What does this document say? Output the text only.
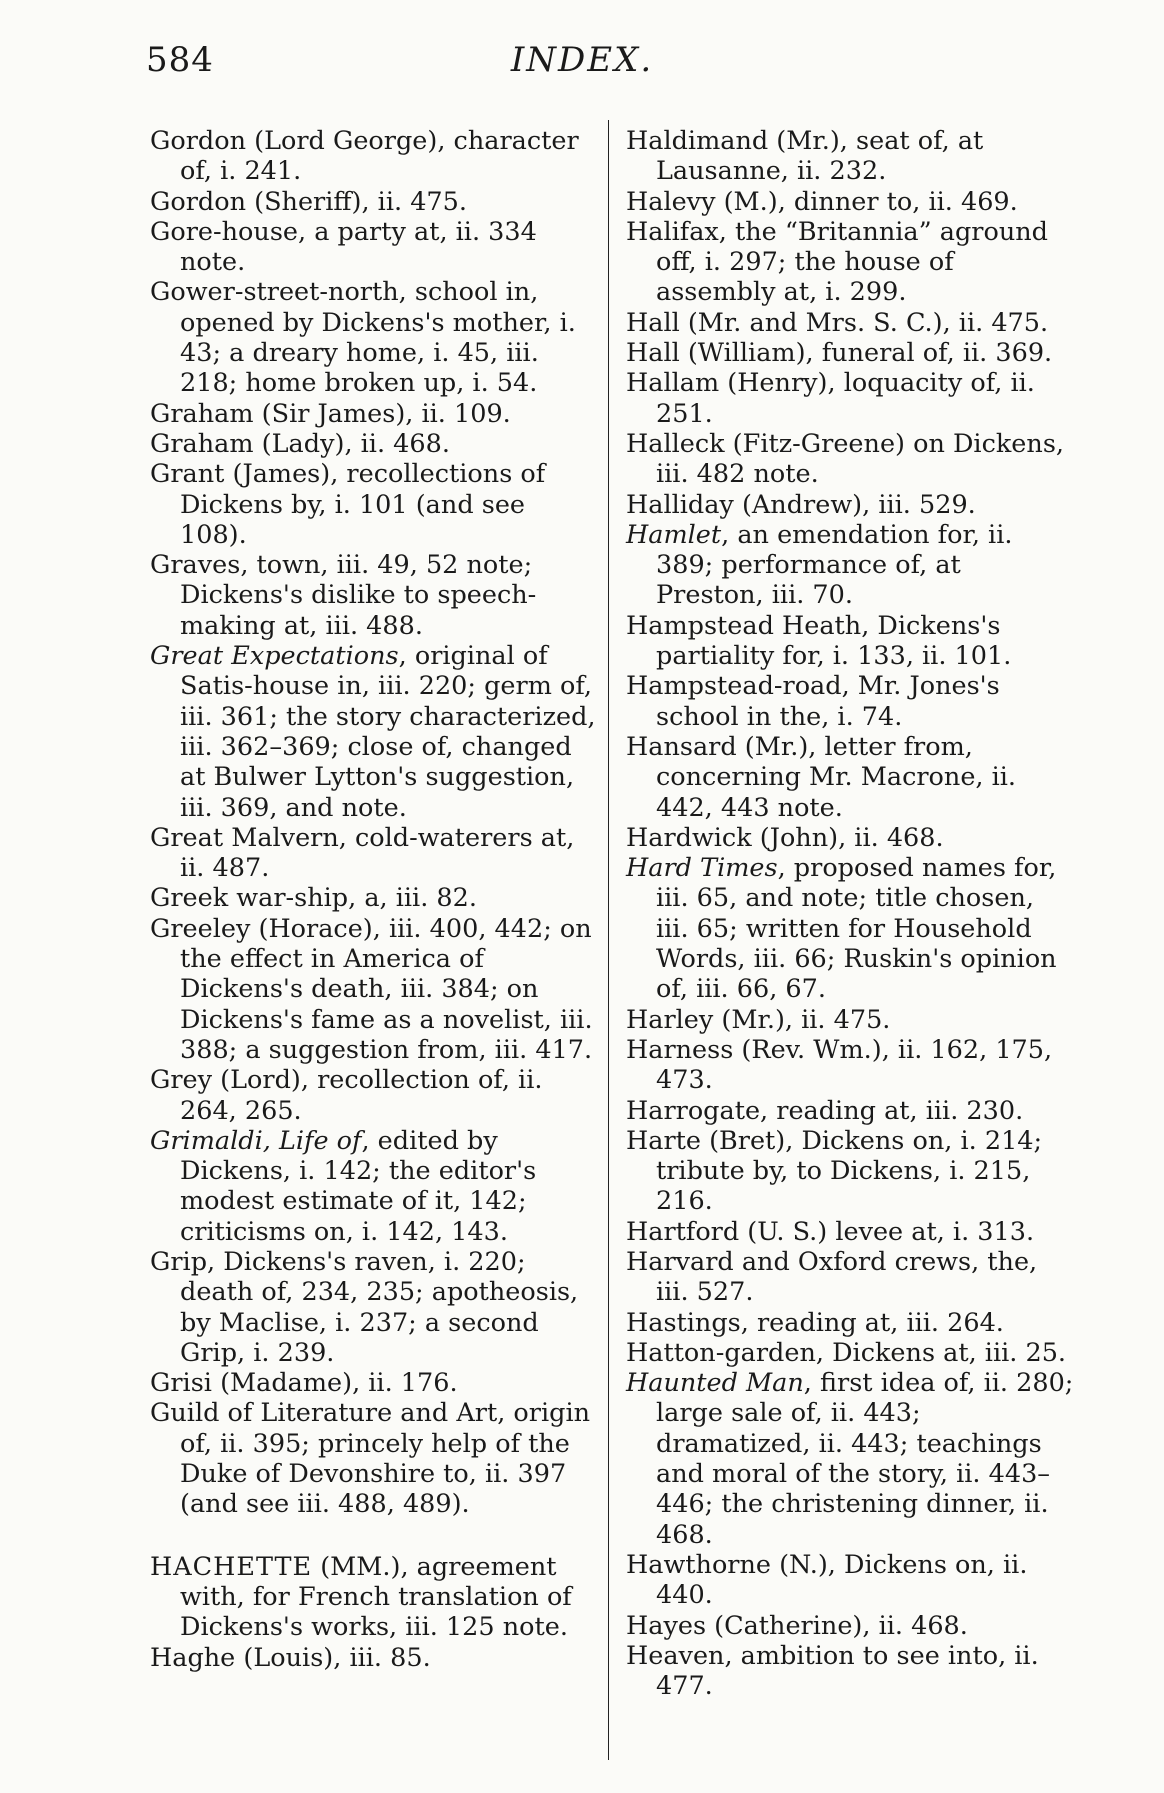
584	INDEX.

Gordon (Lord George), character of, i. 241.

Gordon (Sheriff), ii. 475.

Gore-house, a party at, ii. 334 note.

Gower-street-north, school in, opened by Dickens's mother, i. 43; a dreary home, i. 45, iii. 218; home broken up, i. 54.

Graham (Sir James), ii. 109.

Graham (Lady), ii. 468.

Grant (James), recollections of Dickens by, i. 101 (and see 108).

Graves, town, iii. 49, 52 note; Dickens's dislike to speech-making at, iii. 488.

Great Expectations, original of Satis-house in, iii. 220; germ of, iii. 361; the story characterized, iii. 362–369; close of, changed at Bulwer Lytton's suggestion, iii. 369, and note.

Great Malvern, cold-waterers at, ii. 487.

Greek war-ship, a, iii. 82.

Greeley (Horace), iii. 400, 442; on the effect in America of Dickens's death, iii. 384; on Dickens's fame as a novelist, iii. 388; a suggestion from, iii. 417.

Grey (Lord), recollection of, ii. 264, 265.

Grimaldi, Life of, edited by Dickens, i. 142; the editor's modest estimate of it, 142; criticisms on, i. 142, 143.

Grip, Dickens's raven, i. 220; death of, 234, 235; apotheosis, by Maclise, i. 237; a second Grip, i. 239.

Grisi (Madame), ii. 176.

Guild of Literature and Art, origin of, ii. 395; princely help of the Duke of Devonshire to, ii. 397 (and see iii. 488, 489).

HACHETTE (MM.), agreement with, for French translation of Dickens's works, iii. 125 note.

Haghe (Louis), iii. 85.

Haldimand (Mr.), seat of, at Lausanne, ii. 232.

Halevy (M.), dinner to, ii. 469.

Halifax, the “Britannia” aground off, i. 297; the house of assembly at, i. 299.

Hall (Mr. and Mrs. S. C.), ii. 475.

Hall (William), funeral of, ii. 369.

Hallam (Henry), loquacity of, ii. 251.

Halleck (Fitz-Greene) on Dickens, iii. 482 note.

Halliday (Andrew), iii. 529.

Hamlet, an emendation for, ii. 389; performance of, at Preston, iii. 70.

Hampstead Heath, Dickens's partiality for, i. 133, ii. 101.

Hampstead-road, Mr. Jones's school in the, i. 74.

Hansard (Mr.), letter from, concerning Mr. Macrone, ii. 442, 443 note.

Hardwick (John), ii. 468.

Hard Times, proposed names for, iii. 65, and note; title chosen, iii. 65; written for Household Words, iii. 66; Ruskin's opinion of, iii. 66, 67.

Harley (Mr.), ii. 475.

Harness (Rev. Wm.), ii. 162, 175, 473.

Harrogate, reading at, iii. 230.

Harte (Bret), Dickens on, i. 214; tribute by, to Dickens, i. 215, 216.

Hartford (U. S.) levee at, i. 313.

Harvard and Oxford crews, the, iii. 527.

Hastings, reading at, iii. 264.

Hatton-garden, Dickens at, iii. 25.

Haunted Man, first idea of, ii. 280; large sale of, ii. 443; dramatized, ii. 443; teachings and moral of the story, ii. 443–446; the christening dinner, ii. 468.

Hawthorne (N.), Dickens on, ii. 440.

Hayes (Catherine), ii. 468.

Heaven, ambition to see into, ii. 477.
